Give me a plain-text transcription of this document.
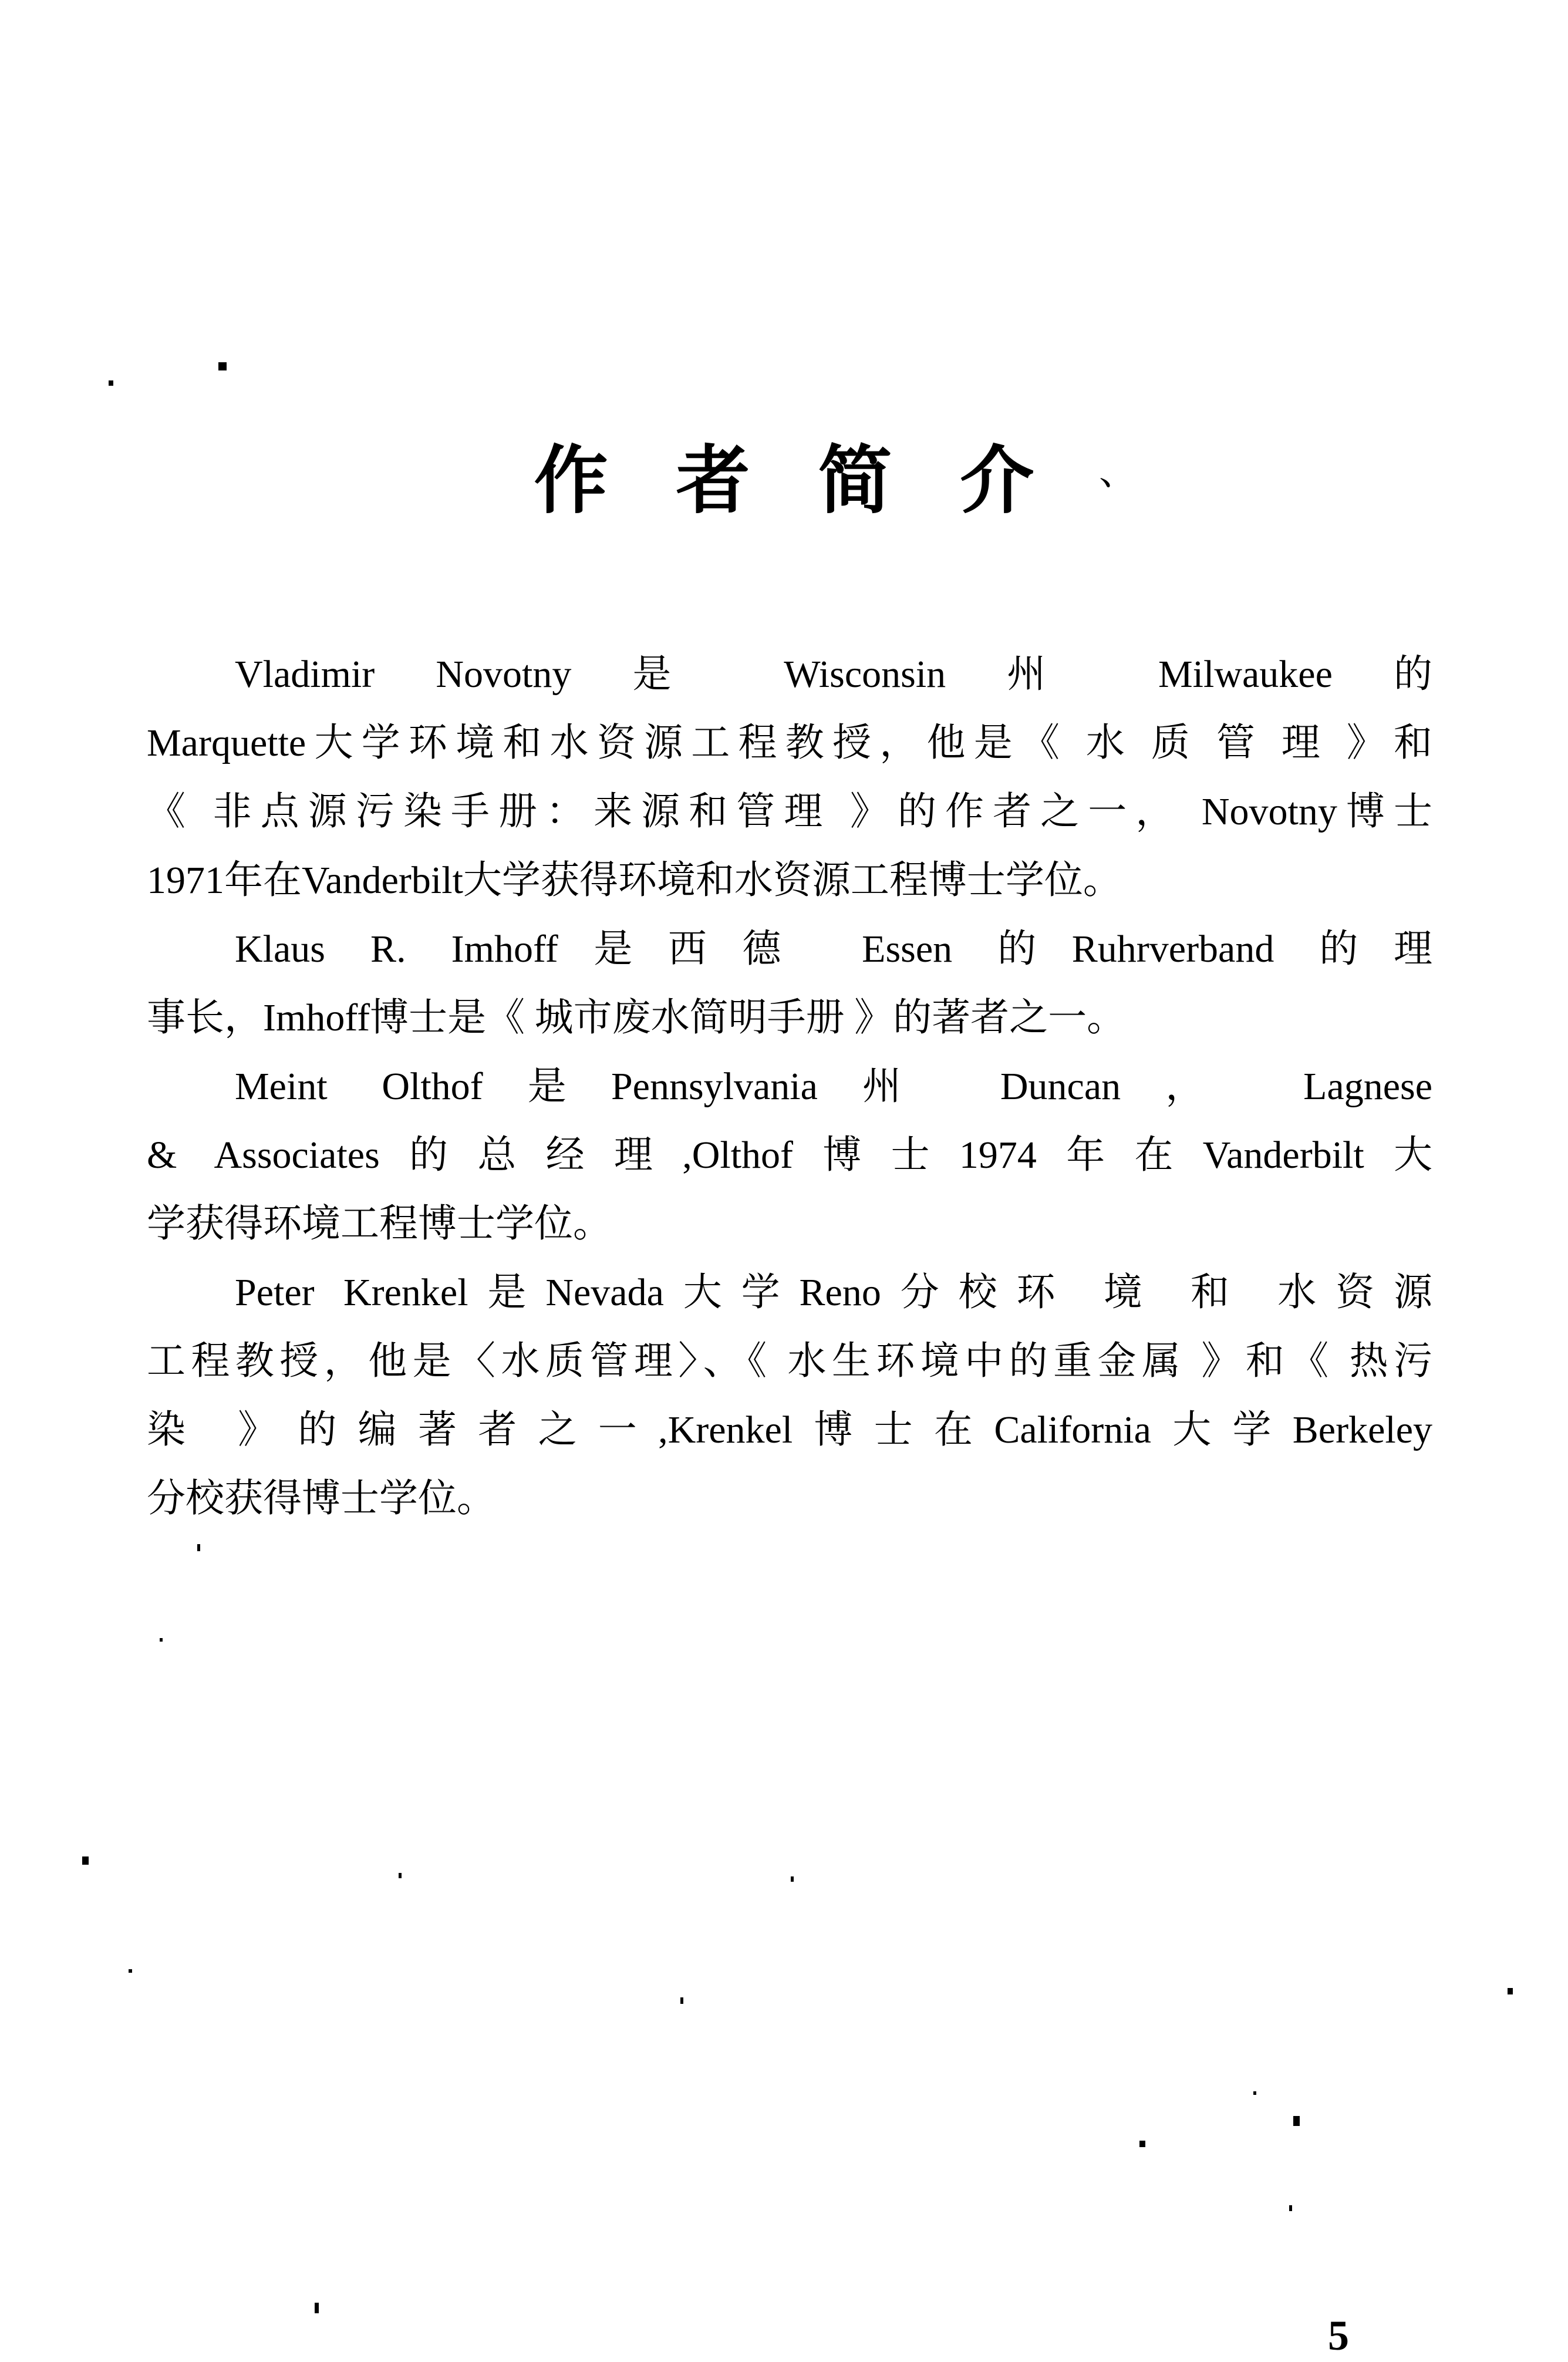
作者简介
、
Vladimir Novotny 是 Wisconsin 州 Milwaukee 的
Marquette大学环境和水资源工程教授，他是《 水 质 管 理 》和
《 非点源污染手册：来源和管理 》的作者之一， Novotny博士
1971年在Vanderbilt大学获得环境和水资源工程博士学位。
Klaus R. Imhoff是西德 Essen 的Ruhrverband 的理
事长，Imhoff博士是《 城市废水简明手册 》的著者之一。
Meint Olthof是Pennsylvania州 Duncan， Lagnese
& Associates的总经理,Olthof博士1974年在Vanderbilt大
学获得环境工程博士学位。
Peter Krenkel是Nevada大学Reno分校环 境 和 水资源
工程教授，他是〈水质管理〉、《 水生环境中的重金属 》和《 热污
染 》的编著者之一,Krenkel博士在California大学Berkeley
分校获得博士学位。
5
